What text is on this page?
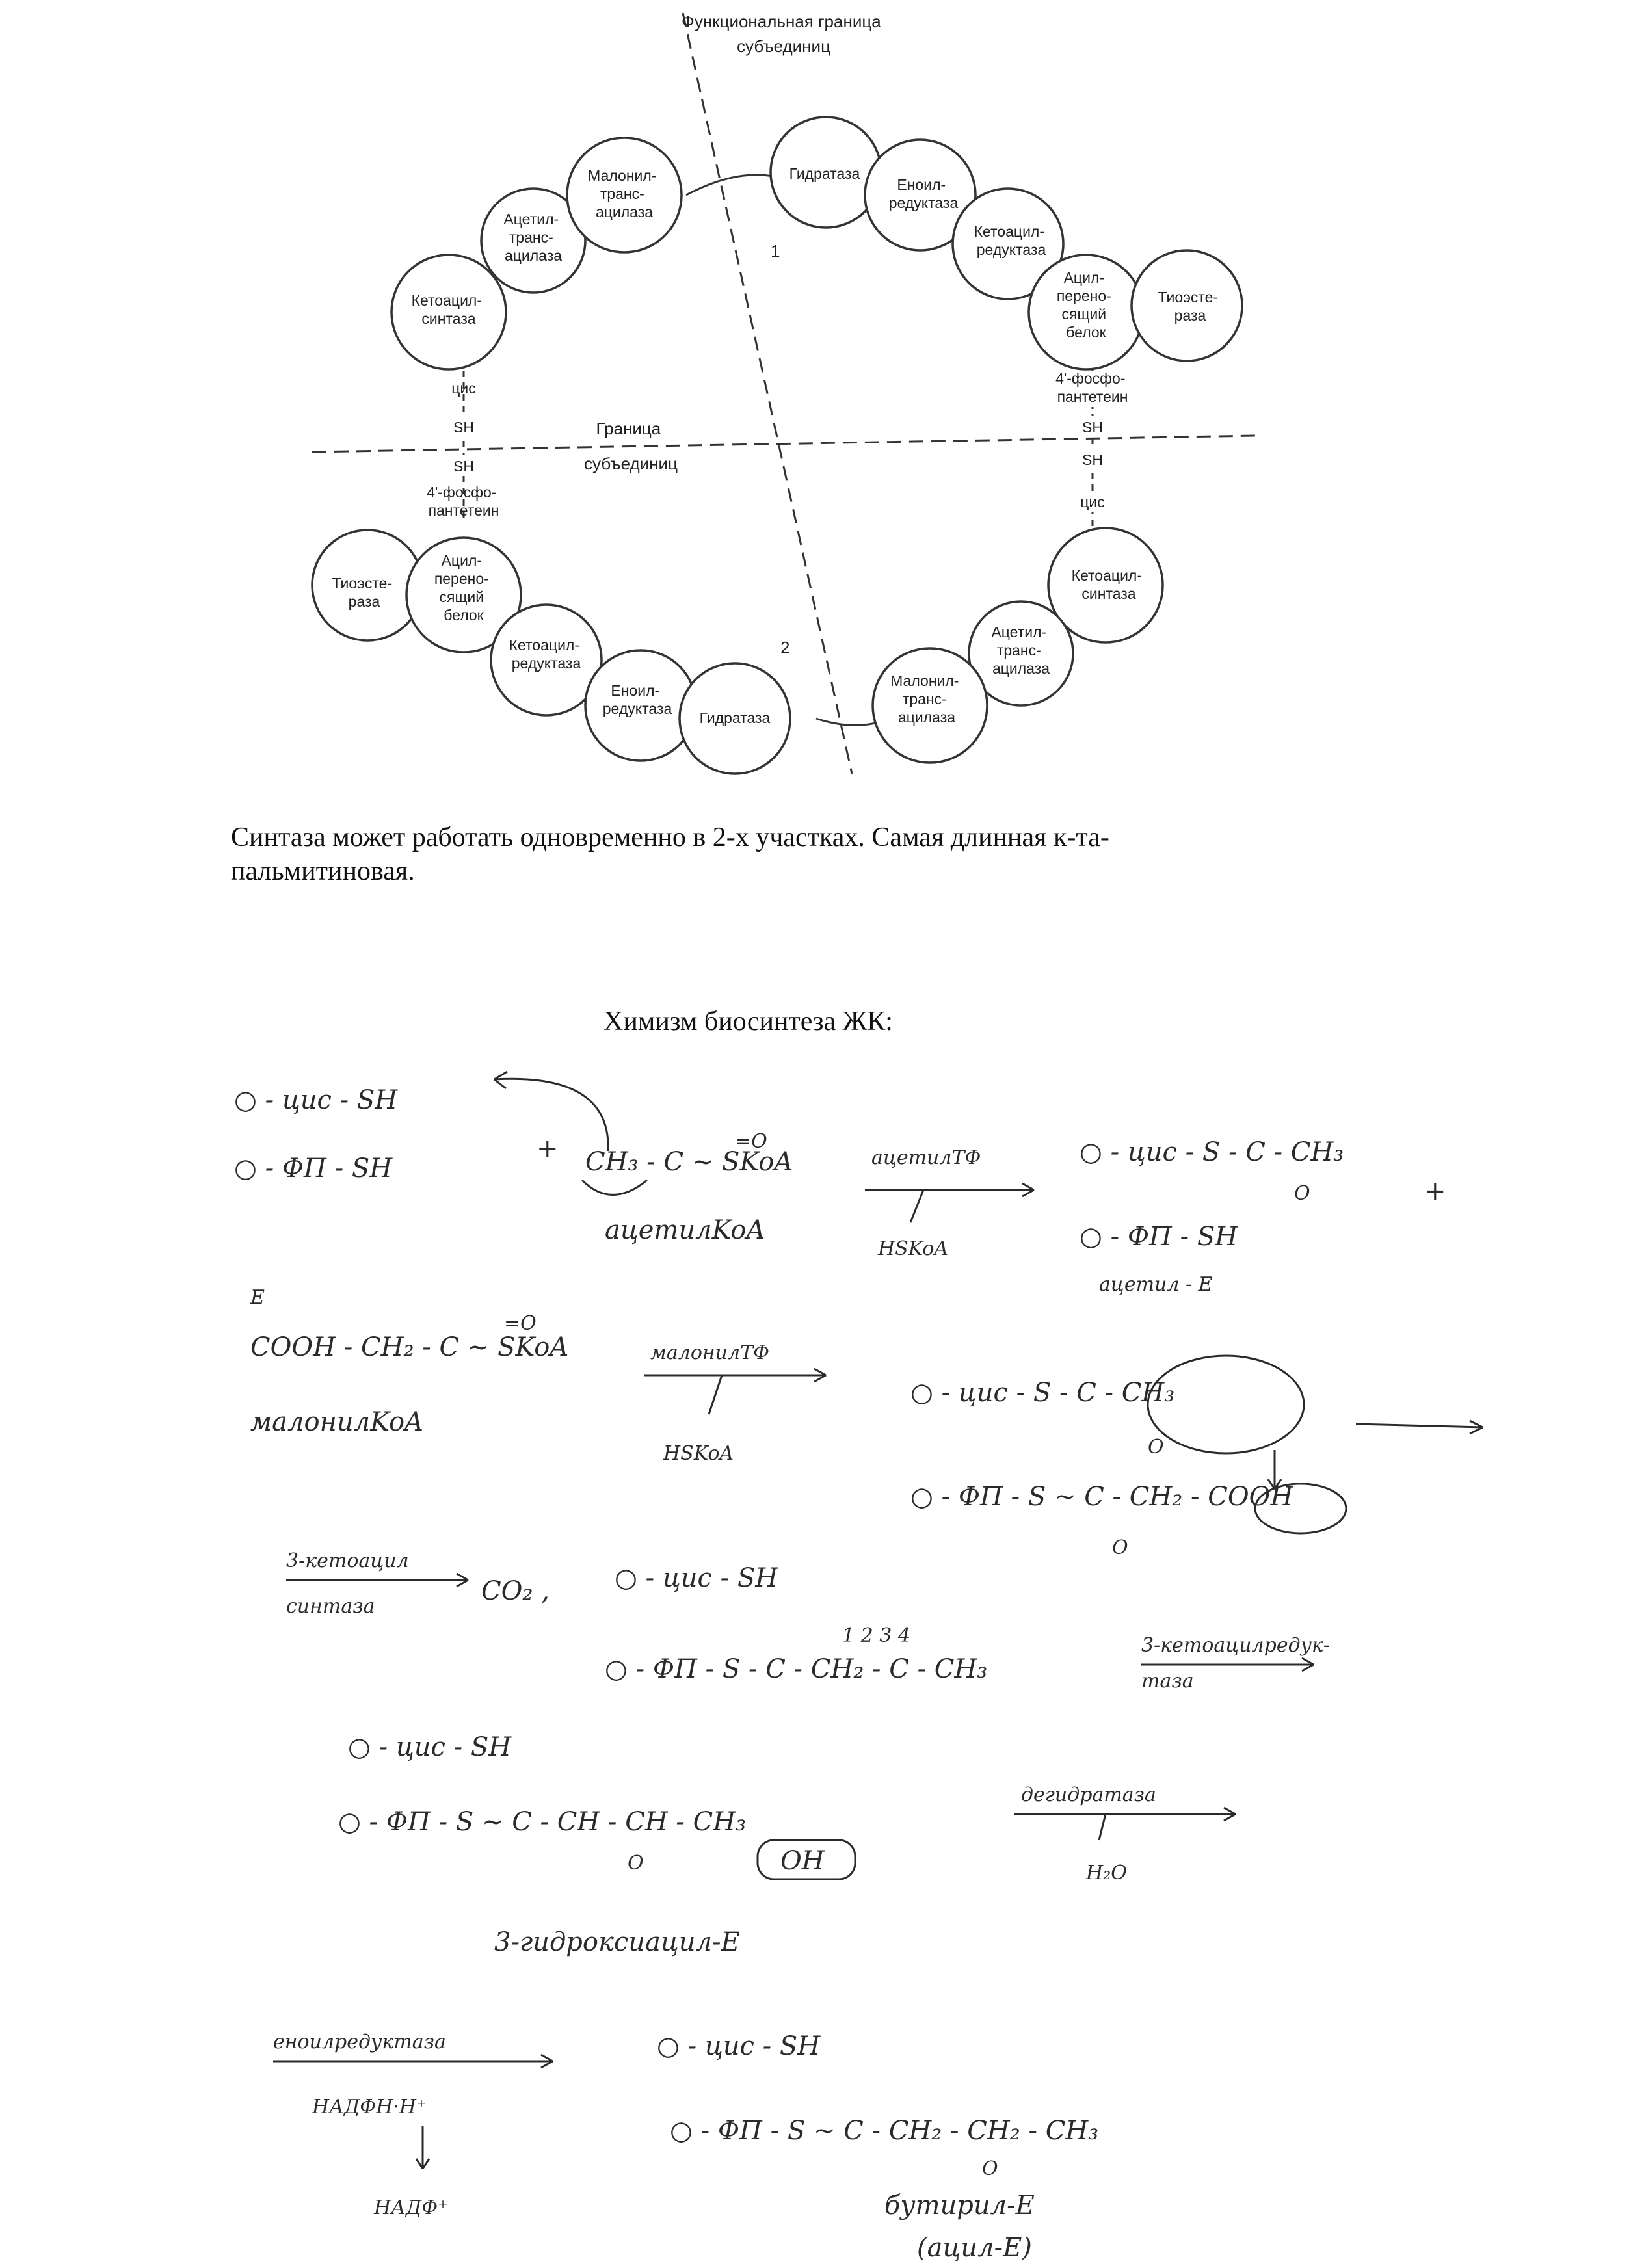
Функциональная граница субъединиц
Граница субъединиц
1
2
Малонил- транс- ацилаза
Ацетил- транс- ацилаза
Кетоацил- синтаза
цис
SH
SH
4'-фосфо- пантетеин
Гидратаза
Еноил- редуктаза
Кетоацил- редуктаза
Ацил- перено- сящий белок
Тиоэсте- раза
4'-фосфо- пантетеин
SH
SH
цис
Тиоэсте- раза
Ацил- перено- сящий белок
Кетоацил- редуктаза
Еноил- редуктаза
Гидратаза
Кетоацил- синтаза
Ацетил- транс- ацилаза
Малонил- транс- ацилаза
○ - цис - SH
○ - ФП - SH
+ CH₃ - C ~ SKoA
=O
ацетилKoA
ацетилТФ
HSKoA
○ - цис - S - C - CH₃
O	+
○ - ФП - SH
ацетил - Е
E
COOH - CH₂ - C ~ SKoA
=O
малонилKoA
малонилТФ
HSKoA
○ - цис - S - C - CH₃
O
○ - ФП - S ~ C - CH₂ - COOH
O
3-кетоацил
синтаза
CO₂ ,	○ - цис - SH
1 2 3 4
○ - ФП - S - C - CH₂ - C - CH₃
3-кетоацилредук-
таза
○ - цис - SH
○ - ФП - S ~ C - CH - CH - CH₃
O	OH
дегидратаза
H₂O
3-гидроксиацил-Е
еноилредуктаза
НАДФН·Н⁺
НАДФ⁺
○ - цис - SH
○ - ФП - S ~ C - CH₂ - CH₂ - CH₃
O
бутирил-Е
(ацил-Е)
Синтаза может работать одновременно в 2-х участках. Самая длинная к-та-
пальмитиновая.
Химизм биосинтеза ЖК:
